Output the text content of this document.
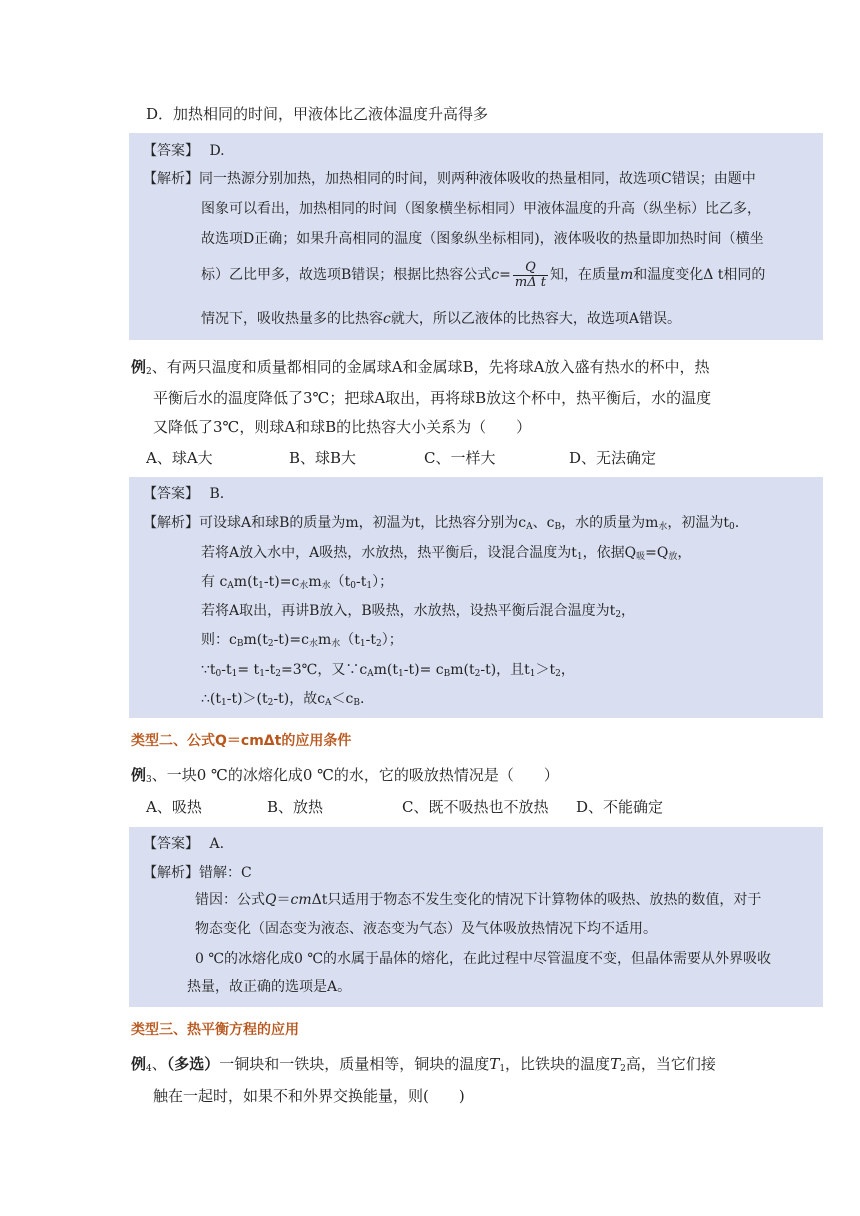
D．加热相同的时间，甲液体比乙液体温度升高得多
【答案】 D.
【解析】同一热源分别加热，加热相同的时间，则两种液体吸收的热量相同，故选项C错误；由题中
图象可以看出，加热相同的时间（图象横坐标相同）甲液体温度的升高（纵坐标）比乙多，
故选项D正确；如果升高相同的温度（图象纵坐标相同)，液体吸收的热量即加热时间（横坐
标）乙比甲多，故选项B错误；根据比热容公式$c= \frac{Q}{\text{mΔ t}}$ 知，在质量m和温度变化Δ t相同的
情况下，吸收热量多的比热容c就大，所以乙液体的比热容大，故选项A错误。
例$_2$、有两只温度和质量都相同的金属球A和金属球B，先将球A放入盛有热水的杯中，热
平衡后水的温度降低了3℃；把球A取出，再将球B放这个杯中，热平衡后，水的温度
又降低了3℃，则球A和球B的比热容大小关系为（　　）
A、球A大	B、球B大	C、一样大	D、无法确定
【答案】 B.
【解析】可设球A和球B的质量为m，初温为t，比热容分别为$c_A$、$c_B$，水的质量为$m_水$，初温为$t_0$.
若将A放入水中，A吸热，水放热，热平衡后，设混合温度为$t_1$，依据$Q_吸=Q_放$，
有 $c_Am(t_1-t)=c_水m_水(t_0-t_1)$；
若将A取出，再讲B放入，B吸热，水放热，设热平衡后混合温度为$t_2$，
则：$c_Bm(t_2-t)=c_水m_水(t_1-t_2)$；
$\because t_0-t_1=$ $t_1-t_2=3℃$，又$\because c_Am(t_1-t)= c_Bm(t_2-t)$，且$t_1>t_2$，
$\therefore(t_1-t)>(t_2-t)$，故$c_A<c_B$.
类型二、公式Q＝cmΔt的应用条件
例$_3$、一块0 ℃的冰熔化成0 ℃的水，它的吸放热情况是（　　）
A、吸热	B、放热	C、既不吸热也不放热 D、不能确定
【答案】 A.
【解析】错解：C
错因：公式Q＝cmΔt只适用于物态不发生变化的情况下计算物体的吸热、放热的数值，对于
物态变化（固态变为液态、液态变为气态）及气体吸放热情况下均不适用。
0 ℃的冰熔化成0 ℃的水属于晶体的熔化，在此过程中尽管温度不变，但晶体需要从外界吸收
热量，故正确的选项是A。
类型三、热平衡方程的应用
例$_4$、（多选）一铜块和一铁块，质量相等，铜块的温度$T_1$，比铁块的温度$T_2$高，当它们接
触在一起时，如果不和外界交换能量，则(　　)
